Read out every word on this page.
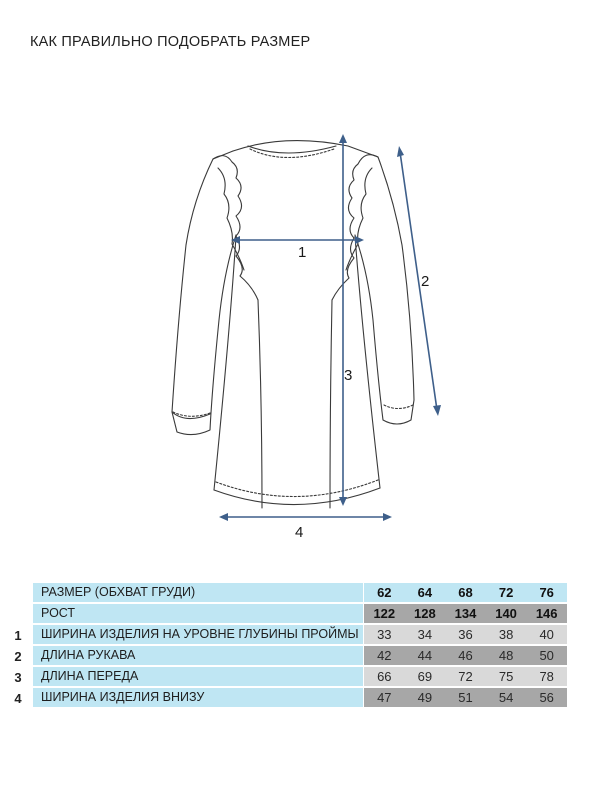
КАК ПРАВИЛЬНО ПОДОБРАТЬ РАЗМЕР
1
2
3
4
РАЗМЕР (ОБХВАТ ГРУДИ)	62	64	68	72	76
РОСТ	122	128	134	140	146
1	ШИРИНА ИЗДЕЛИЯ НА УРОВНЕ ГЛУБИНЫ ПРОЙМЫ	33	34	36	38	40
2	ДЛИНА РУКАВА	42	44	46	48	50
3	ДЛИНА ПЕРЕДА	66	69	72	75	78
4	ШИРИНА ИЗДЕЛИЯ ВНИЗУ	47	49	51	54	56
